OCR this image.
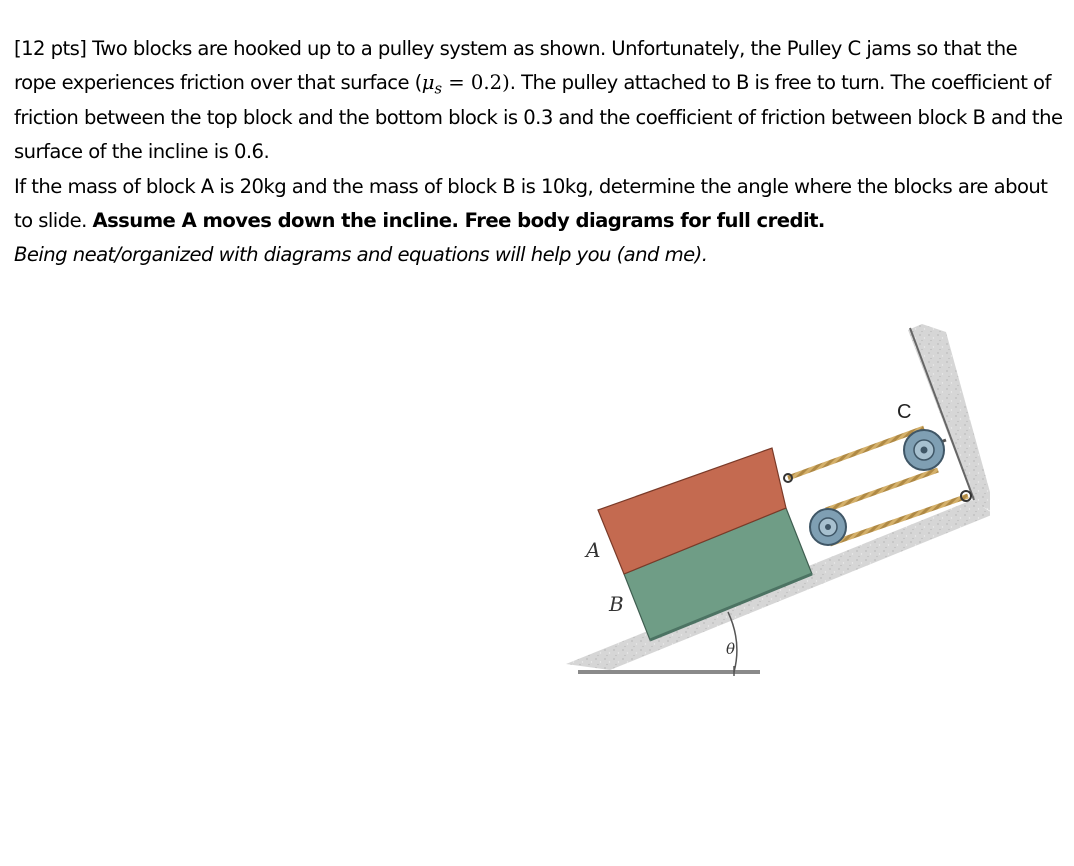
[12 pts] Two blocks are hooked up to a pulley system as shown. Unfortunately, the Pulley C jams so that the rope experiences friction over that surface $(\mu_s = 0.2)$. The pulley attached to B is free to turn. The coefficient of friction between the top block and the bottom block is 0.3 and the coefficient of friction between block B and the surface of the incline is 0.6.

If the mass of block A is 20kg and the mass of block B is 10kg, determine the angle where the blocks are about to slide. Assume A moves down the incline. Free body diagrams for full credit.

Being neat/organized with diagrams and equations will help you (and me).

A
B
C
θ
